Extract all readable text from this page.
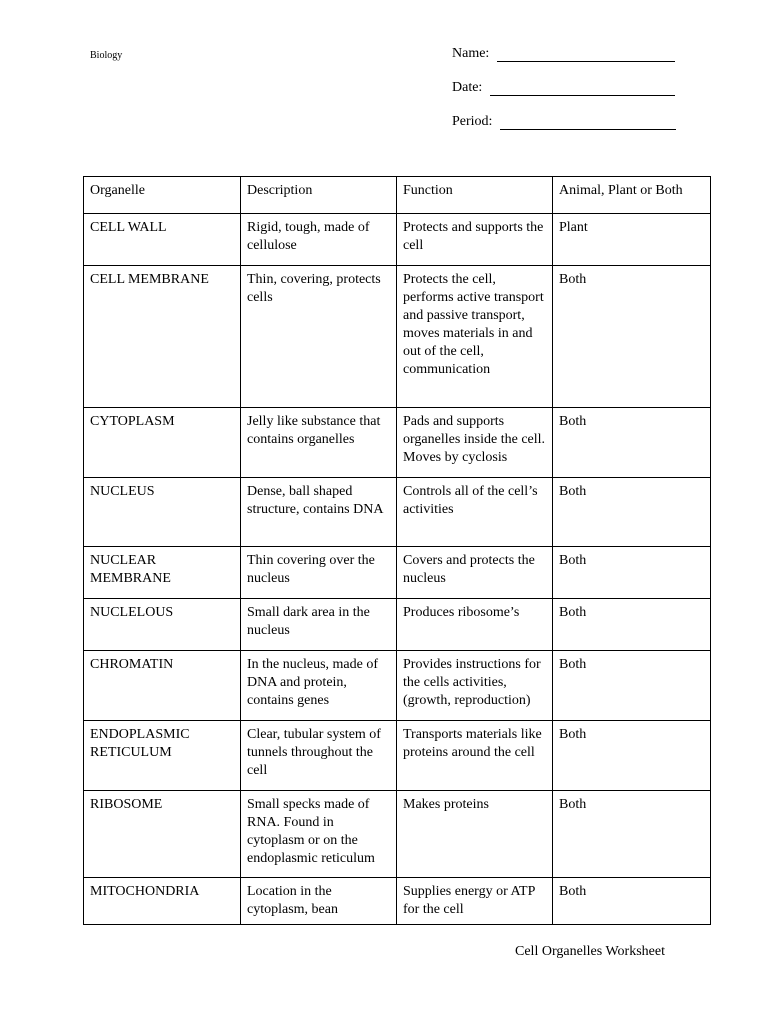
Biology	Name:
Date:
Period:
Organelle	Description	Function	Animal, Plant or Both
CELL WALL	Rigid, tough, made of cellulose	Protects and supports the cell	Plant
CELL MEMBRANE	Thin, covering, protects cells	Protects the cell, performs active transport and passive transport, moves materials in and out of the cell, communication	Both
CYTOPLASM	Jelly like substance that contains organelles	Pads and supports organelles inside the cell. Moves by cyclosis	Both
NUCLEUS	Dense, ball shaped structure, contains DNA	Controls all of the cell’s activities	Both
NUCLEAR MEMBRANE	Thin covering over the nucleus	Covers and protects the nucleus	Both
NUCLELOUS	Small dark area in the nucleus	Produces ribosome’s	Both
CHROMATIN	In the nucleus, made of DNA and protein, contains genes	Provides instructions for the cells activities, (growth, reproduction)	Both
ENDOPLASMIC RETICULUM	Clear, tubular system of tunnels throughout the cell	Transports materials like proteins around the cell	Both
RIBOSOME	Small specks made of RNA. Found in cytoplasm or on the endoplasmic reticulum	Makes proteins	Both
MITOCHONDRIA	Location in the cytoplasm, bean	Supplies energy or ATP for the cell	Both
Cell Organelles Worksheet
